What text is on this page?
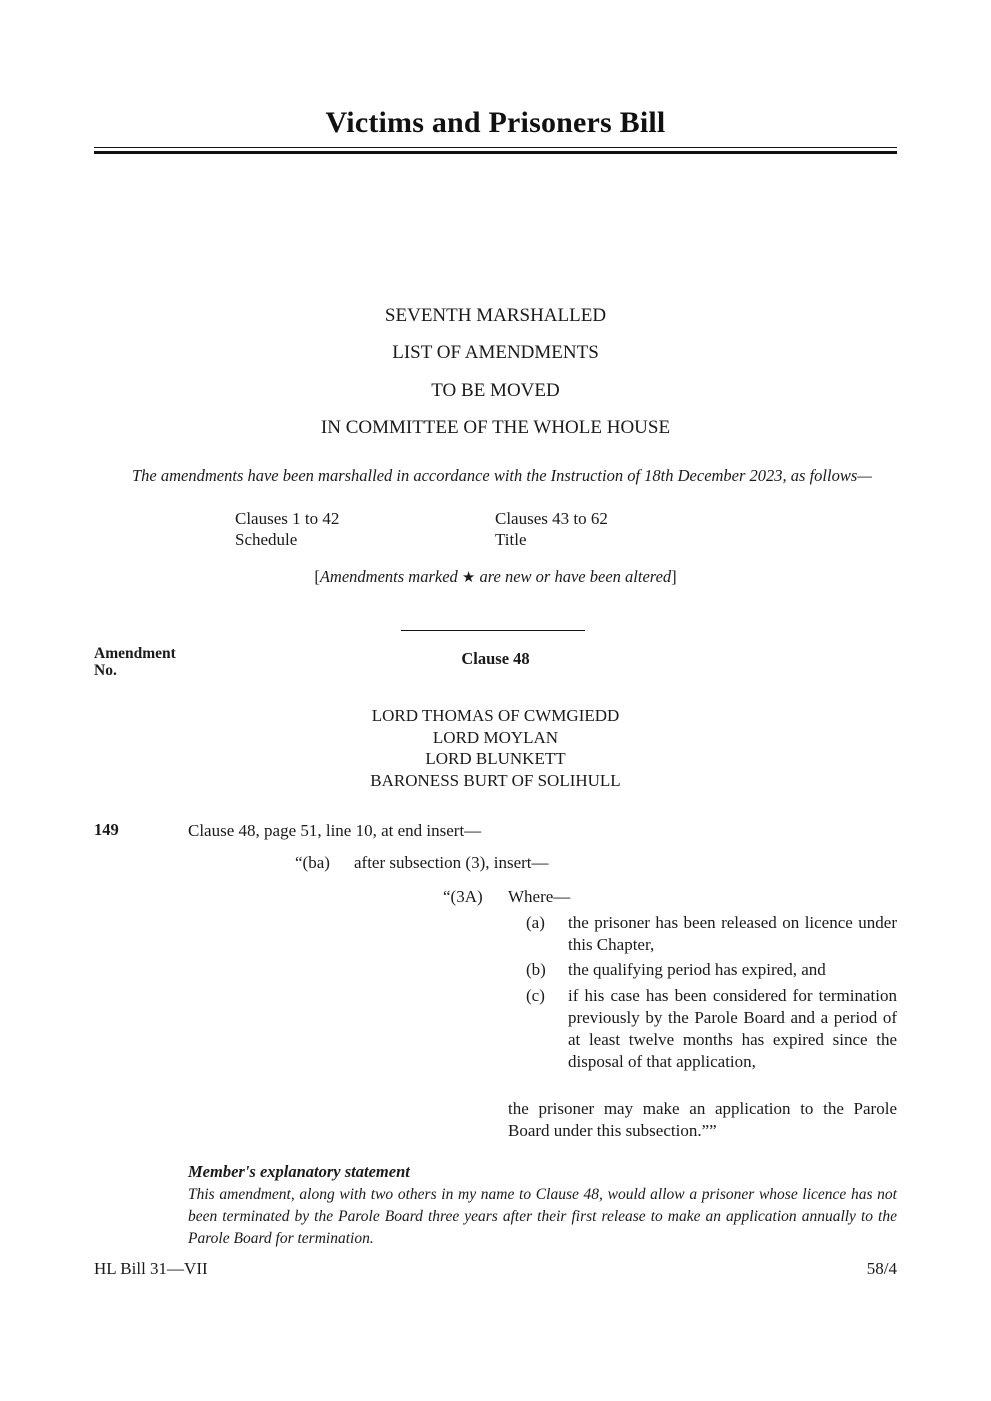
Victims and Prisoners Bill
SEVENTH MARSHALLED
LIST OF AMENDMENTS
TO BE MOVED
IN COMMITTEE OF THE WHOLE HOUSE
The amendments have been marshalled in accordance with the Instruction of 18th December 2023, as follows—
Clauses 1 to 42	Clauses 43 to 62
Schedule	Title
[Amendments marked ★ are new or have been altered]
Amendment
No.
Clause 48
LORD THOMAS OF CWMGIEDD
LORD MOYLAN
LORD BLUNKETT
BARONESS BURT OF SOLIHULL
149	Clause 48, page 51, line 10, at end insert—
“(ba) after subsection (3), insert—
“(3A) Where—
(a) the prisoner has been released on licence under this Chapter,
(b) the qualifying period has expired, and
(c) if his case has been considered for termination previously by the Parole Board and a period of at least twelve months has expired since the disposal of that application,
the prisoner may make an application to the Parole Board under this subsection.””
Member's explanatory statement
This amendment, along with two others in my name to Clause 48, would allow a prisoner whose licence has not been terminated by the Parole Board three years after their first release to make an application annually to the Parole Board for termination.
HL Bill 31—VII	58/4
